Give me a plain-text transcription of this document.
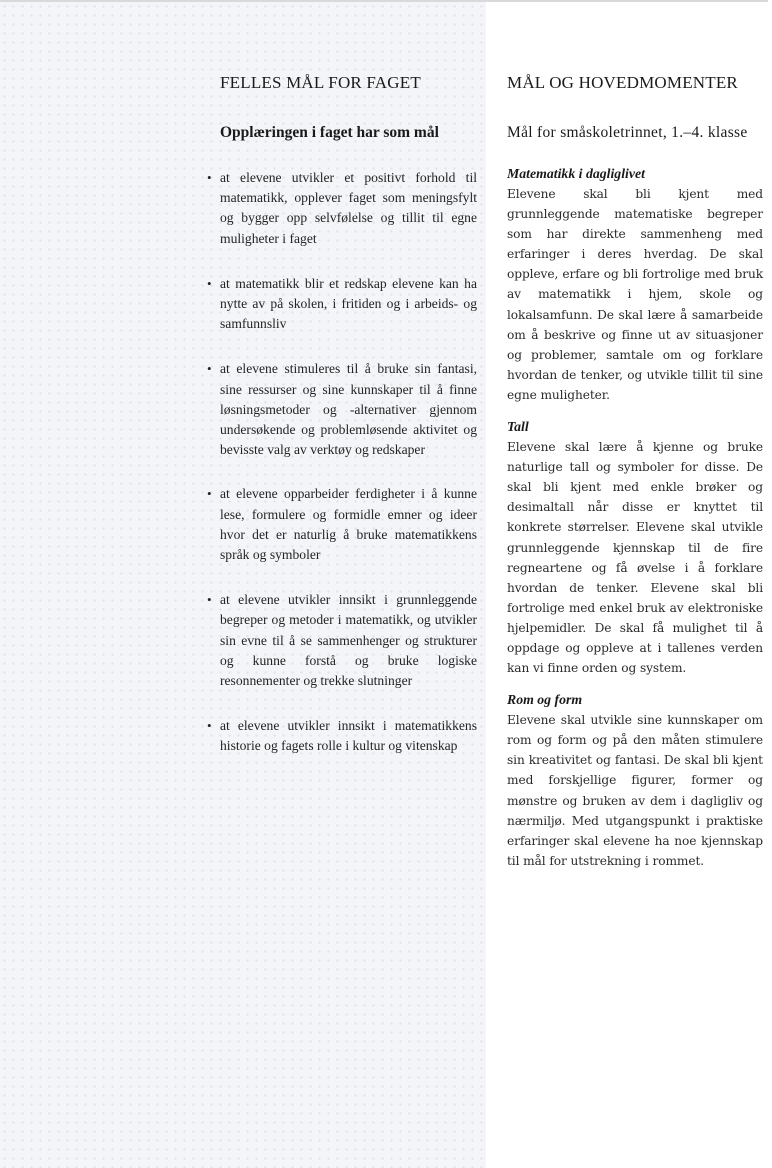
FELLES MÅL FOR FAGET
Opplæringen i faget har som mål
• at elevene utvikler et positivt forhold til matematikk, opplever faget som meningsfylt og bygger opp selvfølelse og tillit til egne muligheter i faget
• at matematikk blir et redskap elevene kan ha nytte av på skolen, i fritiden og i arbeids- og samfunnsliv
• at elevene stimuleres til å bruke sin fantasi, sine ressurser og sine kunnskaper til å finne løsningsmetoder og -alternativer gjennom undersøkende og problemløsende aktivitet og bevisste valg av verktøy og redskaper
• at elevene opparbeider ferdigheter i å kunne lese, formulere og formidle emner og ideer hvor det er naturlig å bruke matematikkens språk og symboler
• at elevene utvikler innsikt i grunnleggende begreper og metoder i matematikk, og utvikler sin evne til å se sammenhenger og strukturer og kunne forstå og bruke logiske resonnementer og trekke slutninger
• at elevene utvikler innsikt i matematikkens historie og fagets rolle i kultur og vitenskap
MÅL OG HOVEDMOMENTER
Mål for småskoletrinnet, 1.–4. klasse

Matematikk i dagliglivet

Elevene skal bli kjent med grunnleggende matematiske begreper som har direkte sammenheng med erfaringer i deres hverdag. De skal oppleve, erfare og bli fortrolige med bruk av matematikk i hjem, skole og lokalsamfunn. De skal lære å samarbeide om å beskrive og finne ut av situasjoner og problemer, samtale om og forklare hvordan de tenker, og utvikle tillit til sine egne muligheter.

Tall

Elevene skal lære å kjenne og bruke naturlige tall og symboler for disse. De skal bli kjent med enkle brøker og desimaltall når disse er knyttet til konkrete størrelser. Elevene skal utvikle grunnleggende kjennskap til de fire regneartene og få øvelse i å forklare hvordan de tenker. Elevene skal bli fortrolige med enkel bruk av elektroniske hjelpemidler. De skal få mulighet til å oppdage og oppleve at i tallenes verden kan vi finne orden og system.

Rom og form

Elevene skal utvikle sine kunnskaper om rom og form og på den måten stimulere sin kreativitet og fantasi. De skal bli kjent med forskjellige figurer, former og mønstre og bruken av dem i dagligliv og nærmiljø. Med utgangspunkt i praktiske erfaringer skal elevene ha noe kjennskap til mål for utstrekning i rommet.
